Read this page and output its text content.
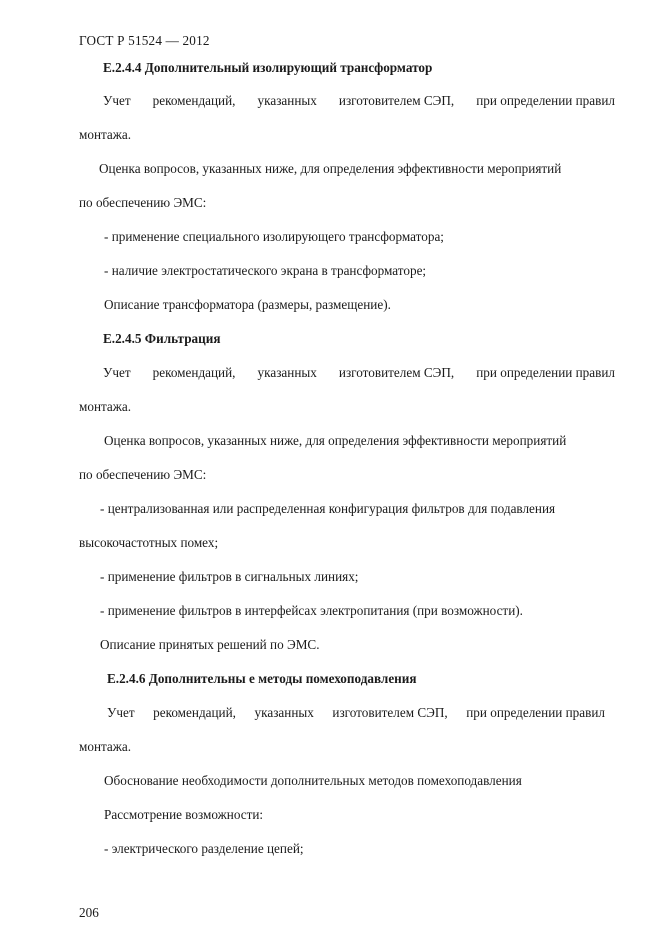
ГОСТ Р 51524 — 2012
Е.2.4.4 Дополнительный изолирующий трансформатор
Учет рекомендаций, указанных изготовителем СЭП, при определении правил
монтажа.
Оценка вопросов, указанных ниже, для определения эффективности мероприятий
по обеспечению ЭМС:
- применение специального изолирующего трансформатора;
- наличие электростатического экрана в трансформаторе;
Описание трансформатора (размеры, размещение).
Е.2.4.5 Фильтрация
Учет рекомендаций, указанных изготовителем СЭП, при определении правил
монтажа.
Оценка вопросов, указанных ниже, для определения эффективности мероприятий
по обеспечению ЭМС:
- централизованная или распределенная конфигурация фильтров для подавления
высокочастотных помех;
- применение фильтров в сигнальных линиях;
- применение фильтров в интерфейсах электропитания (при возможности).
Описание принятых решений по ЭМС.
Е.2.4.6 Дополнительны е методы помехоподавления
Учет рекомендаций, указанных изготовителем СЭП, при определении правил
монтажа.
Обоснование необходимости дополнительных методов помехоподавления
Рассмотрение возможности:
- электрического разделение цепей;
206
